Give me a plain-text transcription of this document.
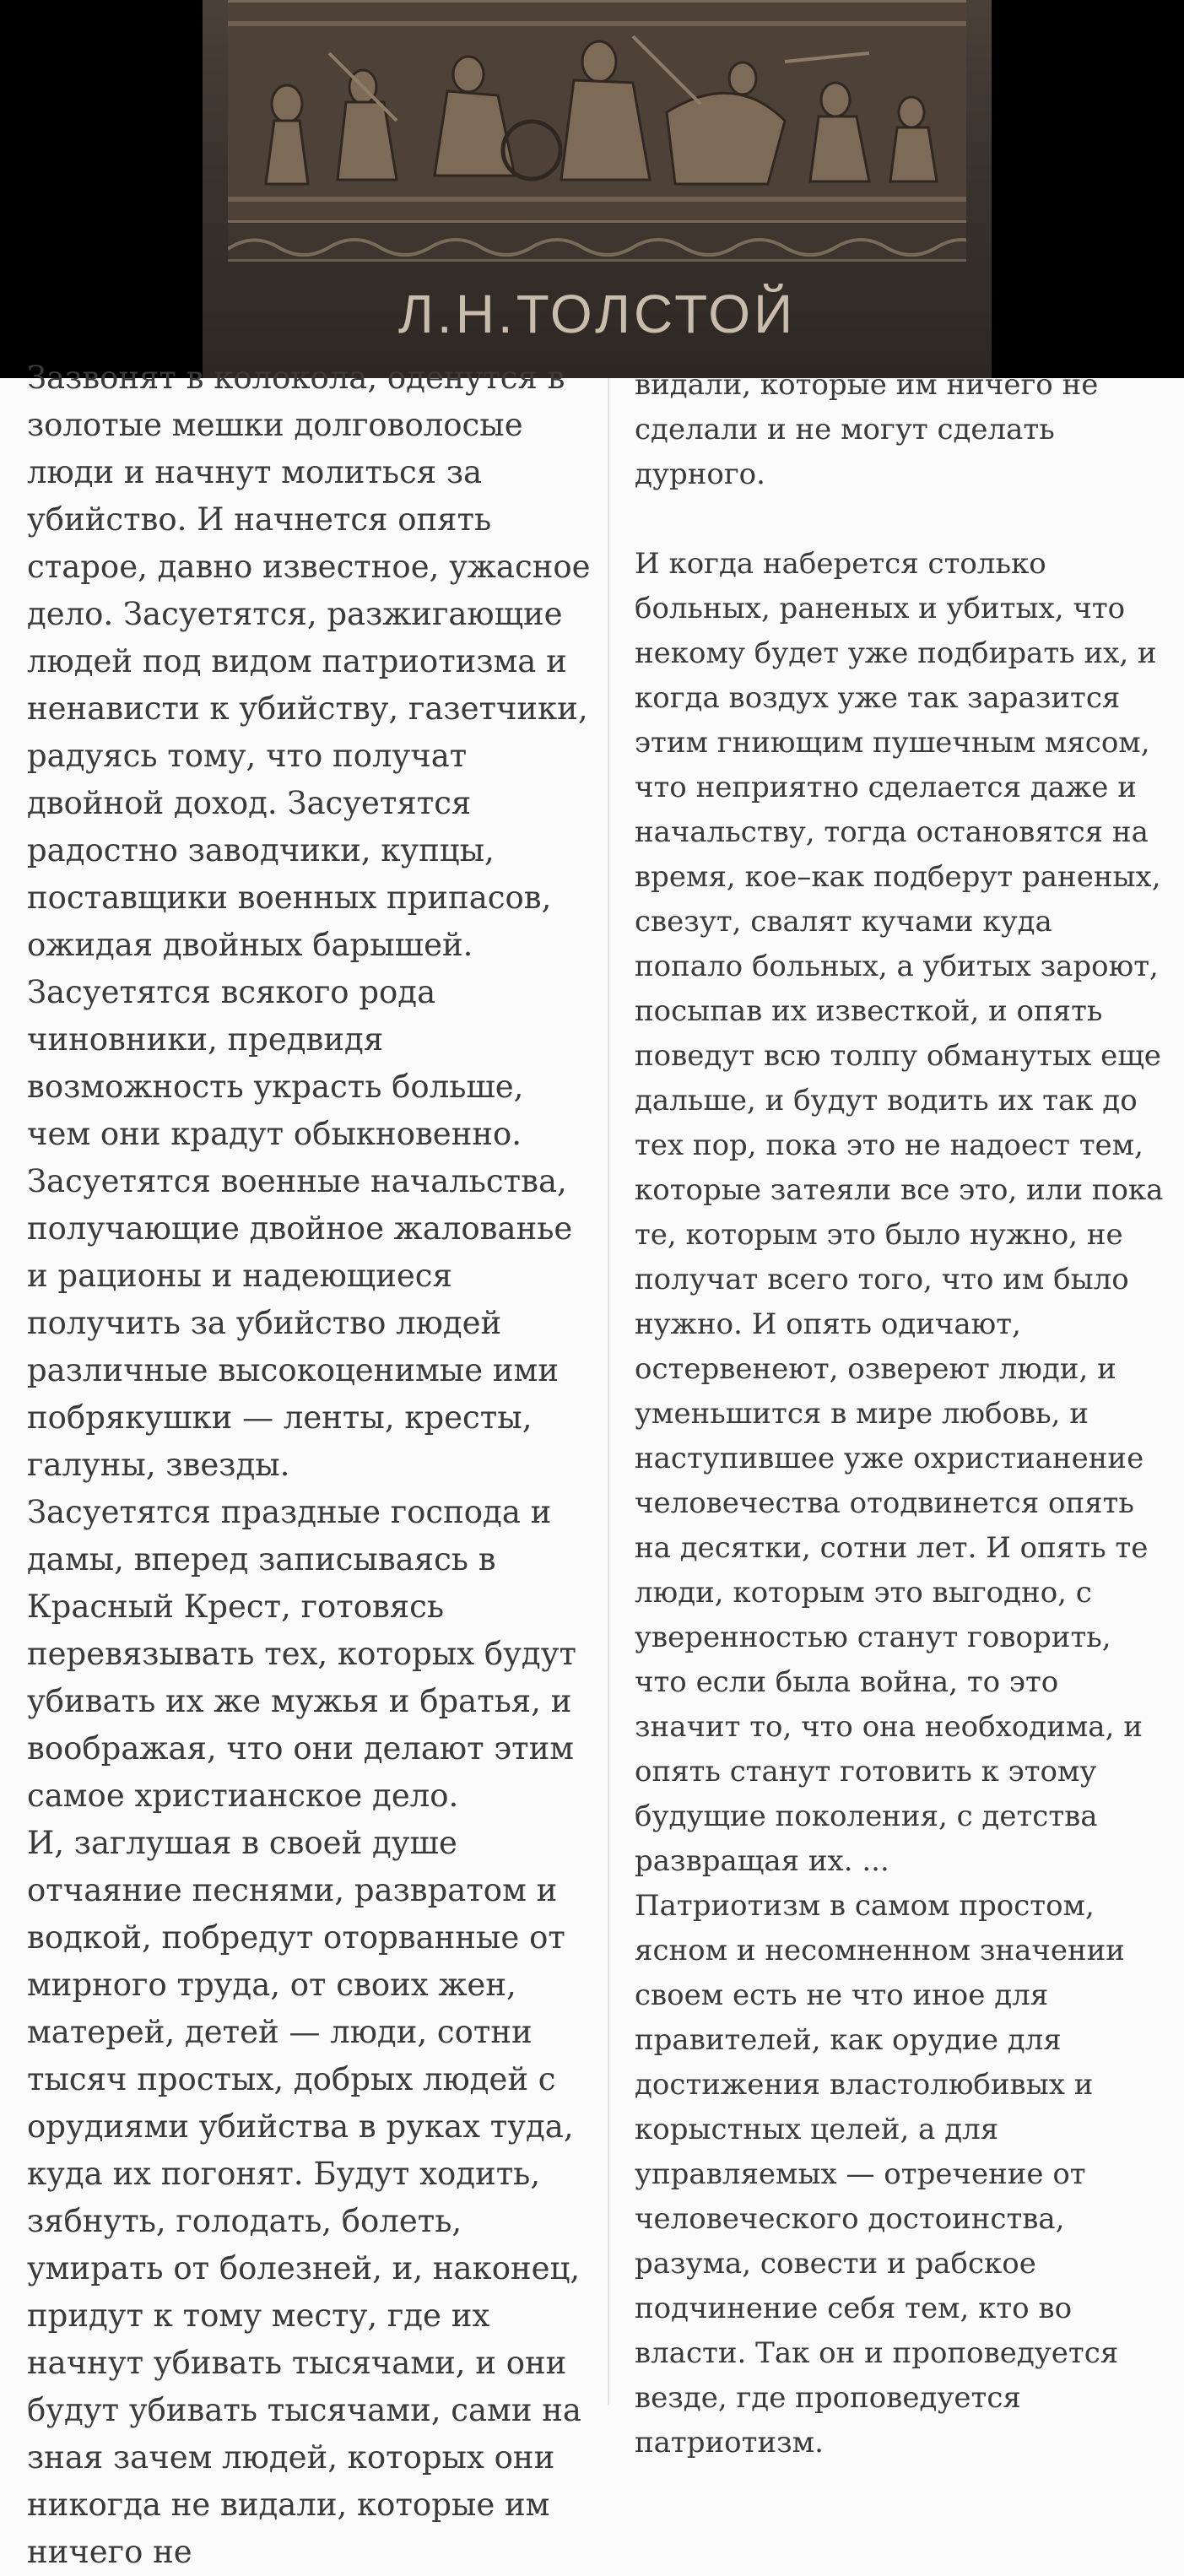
Л.Н.ТОЛСТОЙ

Зазвонят в колокола, оденутся в золотые мешки долговолосые люди и начнут молиться за убийство. И начнется опять старое, давно известное, ужасное дело. Засуетятся, разжигающие людей под видом патриотизма и ненависти к убийству, газетчики, радуясь тому, что получат двойной доход. Засуетятся радостно заводчики, купцы, поставщики военных припасов, ожидая двойных барышей. Засуетятся всякого рода чиновники, предвидя возможность украсть больше, чем они крадут обыкновенно. Засуетятся военные начальства, получающие двойное жалованье и рационы и надеющиеся получить за убийство людей различные высокоценимые ими побрякушки — ленты, кресты, галуны, звезды.

Засуетятся праздные господа и дамы, вперед записываясь в Красный Крест, готовясь перевязывать тех, которых будут убивать их же мужья и братья, и воображая, что они делают этим самое христианское дело.

И, заглушая в своей душе отчаяние песнями, развратом и водкой, побредут оторванные от мирного труда, от своих жен, матерей, детей — люди, сотни тысяч простых, добрых людей с орудиями убийства в руках туда, куда их погонят. Будут ходить, зябнуть, голодать, болеть, умирать от болезней, и, наконец, придут к тому месту, где их начнут убивать тысячами, и они будут убивать тысячами, сами на зная зачем людей, которых они никогда не видали, которые им ничего не

видали, которые им ничего не сделали и не могут сделать дурного.

И когда наберется столько больных, раненых и убитых, что некому будет уже подбирать их, и когда воздух уже так заразится этим гниющим пушечным мясом, что неприятно сделается даже и начальству, тогда остановятся на время, кое–как подберут раненых, свезут, свалят кучами куда попало больных, а убитых зароют, посыпав их известкой, и опять поведут всю толпу обманутых еще дальше, и будут водить их так до тех пор, пока это не надоест тем, которые затеяли все это, или пока те, которым это было нужно, не получат всего того, что им было нужно. И опять одичают, остервенеют, озвереют люди, и уменьшится в мире любовь, и

наступившее уже охристианение человечества отодвинется опять на десятки, сотни лет. И опять те люди, которым это выгодно, с уверенностью станут говорить, что если была война, то это значит то, что она необходима, и опять станут готовить к этому будущие поколения, с детства развращая их. ...

Патриотизм в самом простом, ясном и несомненном значении своем есть не что иное для правителей, как орудие для достижения властолюбивых и корыстных целей, а для управляемых — отречение от человеческого достоинства, разума, совести и рабское подчинение себя тем, кто во власти. Так он и проповедуется везде, где проповедуется патриотизм.
